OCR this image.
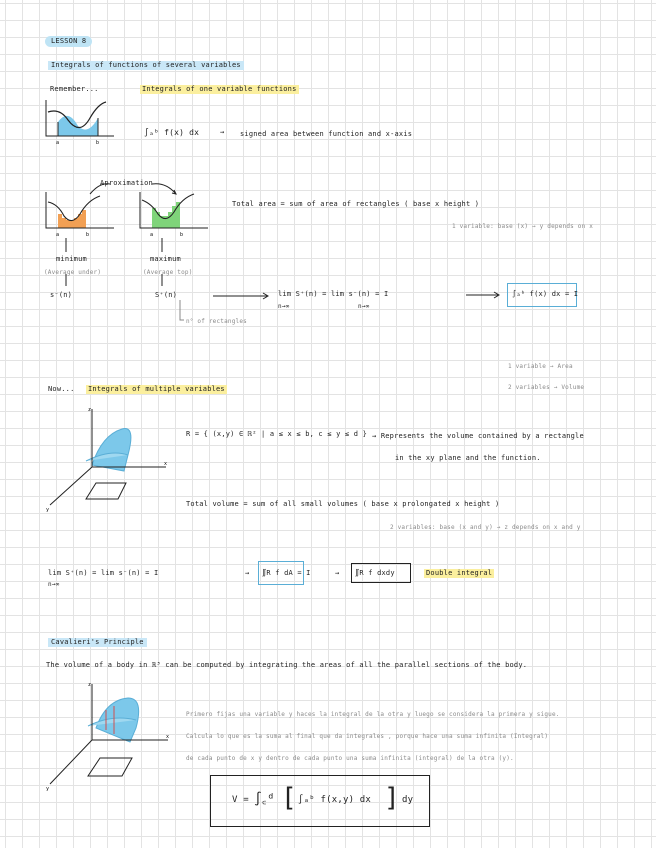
LESSON 8
Integrals of functions of several variables
Remember...	Integrals of one variable functions
a	b
∫ₐᵇ f(x) dx	→ signed area between function and x-axis
Aproximation
a	b	a	b
minimum
(Average under)
s⁻(n)
maximum
(Average top)
S⁺(n)
n° of rectangles
Total area = sum of area of rectangles ( base x height )
1 variable: base (x) → y depends on x
lim S⁺(n) = lim s⁻(n) = I
n→∞	n→∞
∫ₐᵇ f(x) dx = I
1 variable → Area
2 variables → Volume
Now... Integrals of multiple variables
z
x
y
R = { (x,y) ∈ ℝ² | a ≤ x ≤ b, c ≤ y ≤ d } → Represents the volume contained by a rectangle
in the xy plane and the function.
Total volume = sum of all small volumes ( base x prolongated x height )
2 variables: base (x and y) → z depends on x and y
lim S⁺(n) = lim s⁻(n) = I
n→∞
→ ∬R f dA = I	→ ∬R f dxdy	Double integral
Cavalieri's Principle
The volume of a body in ℝ³ can be computed by integrating the areas of all the parallel sections of the body.
z
x
y
Primero fijas una variable y haces la integral de la otra y luego se considera la primera y sigue.
Calcula lo que es la suma al final que da integrales , porque hace una suma infinita (Integral)
de cada punto de x y dentro de cada punto una suma infinita (integral) de la otra (y).
V = ∫꜀ᵈ [ ∫ₐᵇ f(x,y) dx ] dy
